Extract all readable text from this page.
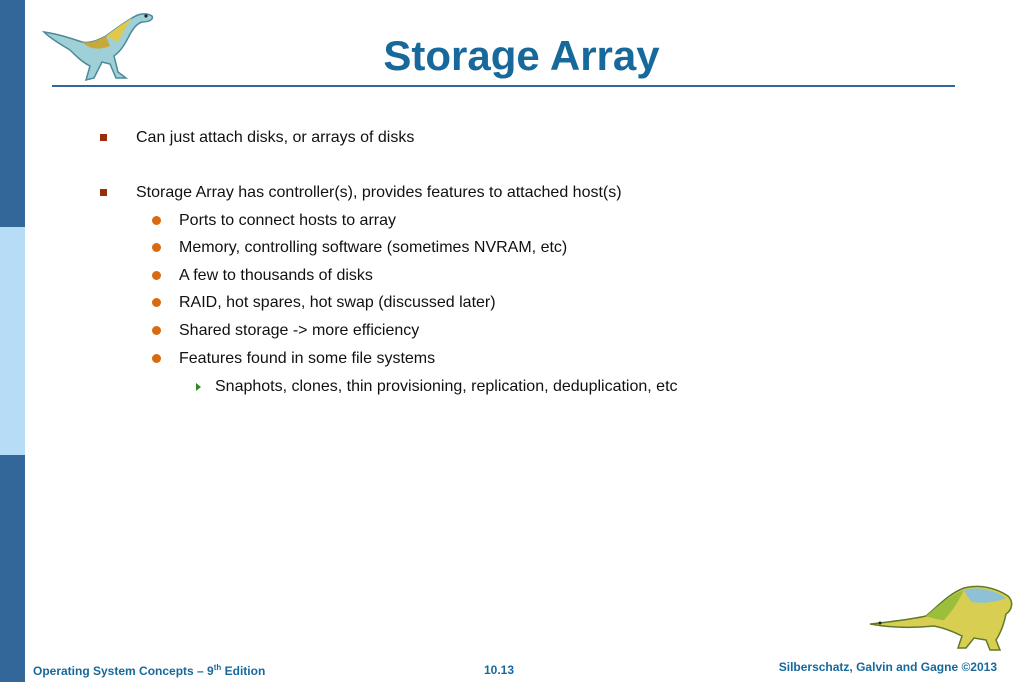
Storage Array
Can just attach disks, or arrays of disks
Storage Array has controller(s), provides features to attached host(s)
Ports to connect hosts to array
Memory, controlling software (sometimes NVRAM, etc)
A few to thousands of disks
RAID, hot spares, hot swap (discussed later)
Shared storage -> more efficiency
Features found in some file systems
Snaphots, clones, thin provisioning, replication, deduplication, etc
Operating System Concepts – 9th Edition	10.13	Silberschatz, Galvin and Gagne ©2013
